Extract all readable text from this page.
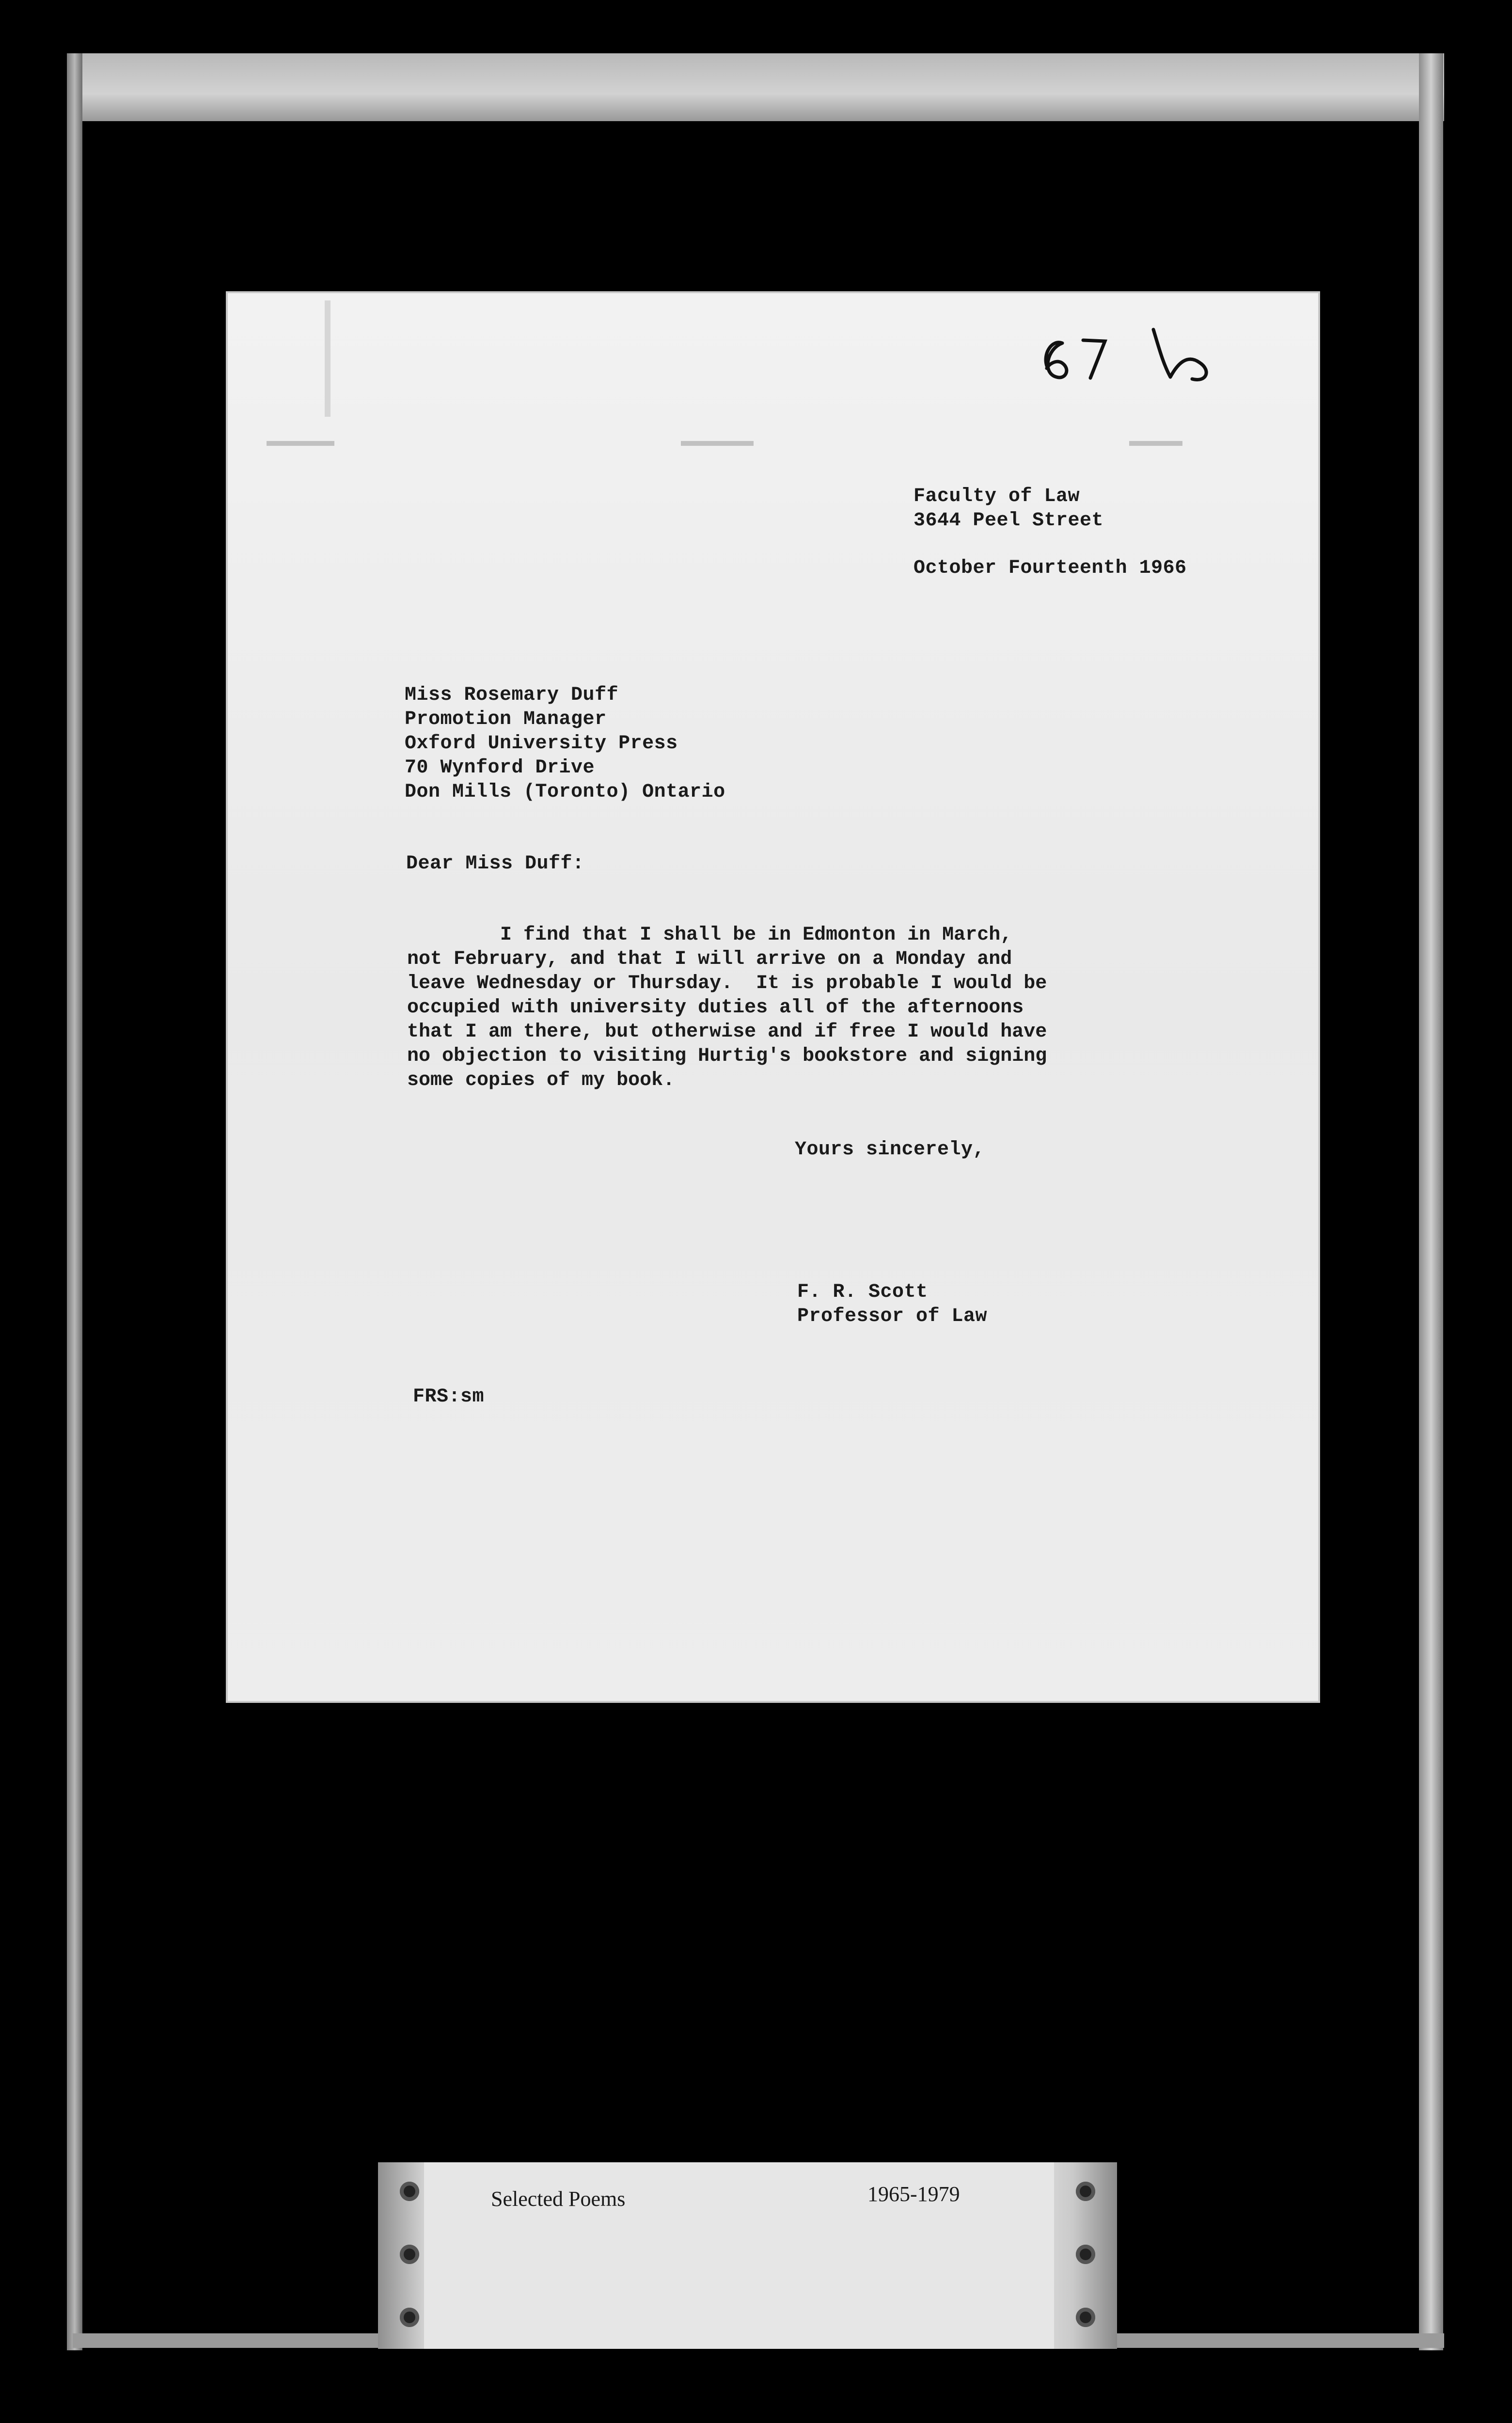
Faculty of Law

3644 Peel Street

October Fourteenth 1966

Miss Rosemary Duff

Promotion Manager

Oxford University Press

70 Wynford Drive

Don Mills (Toronto) Ontario

Dear Miss Duff:

I find that I shall be in Edmonton in March,

not February, and that I will arrive on a Monday and

leave Wednesday or Thursday.  It is probable I would be

occupied with university duties all of the afternoons

that I am there, but otherwise and if free I would have

no objection to visiting Hurtig's bookstore and signing

some copies of my book.

Yours sincerely,

F. R. Scott

Professor of Law

FRS:sm

Selected Poems	1965-1979
